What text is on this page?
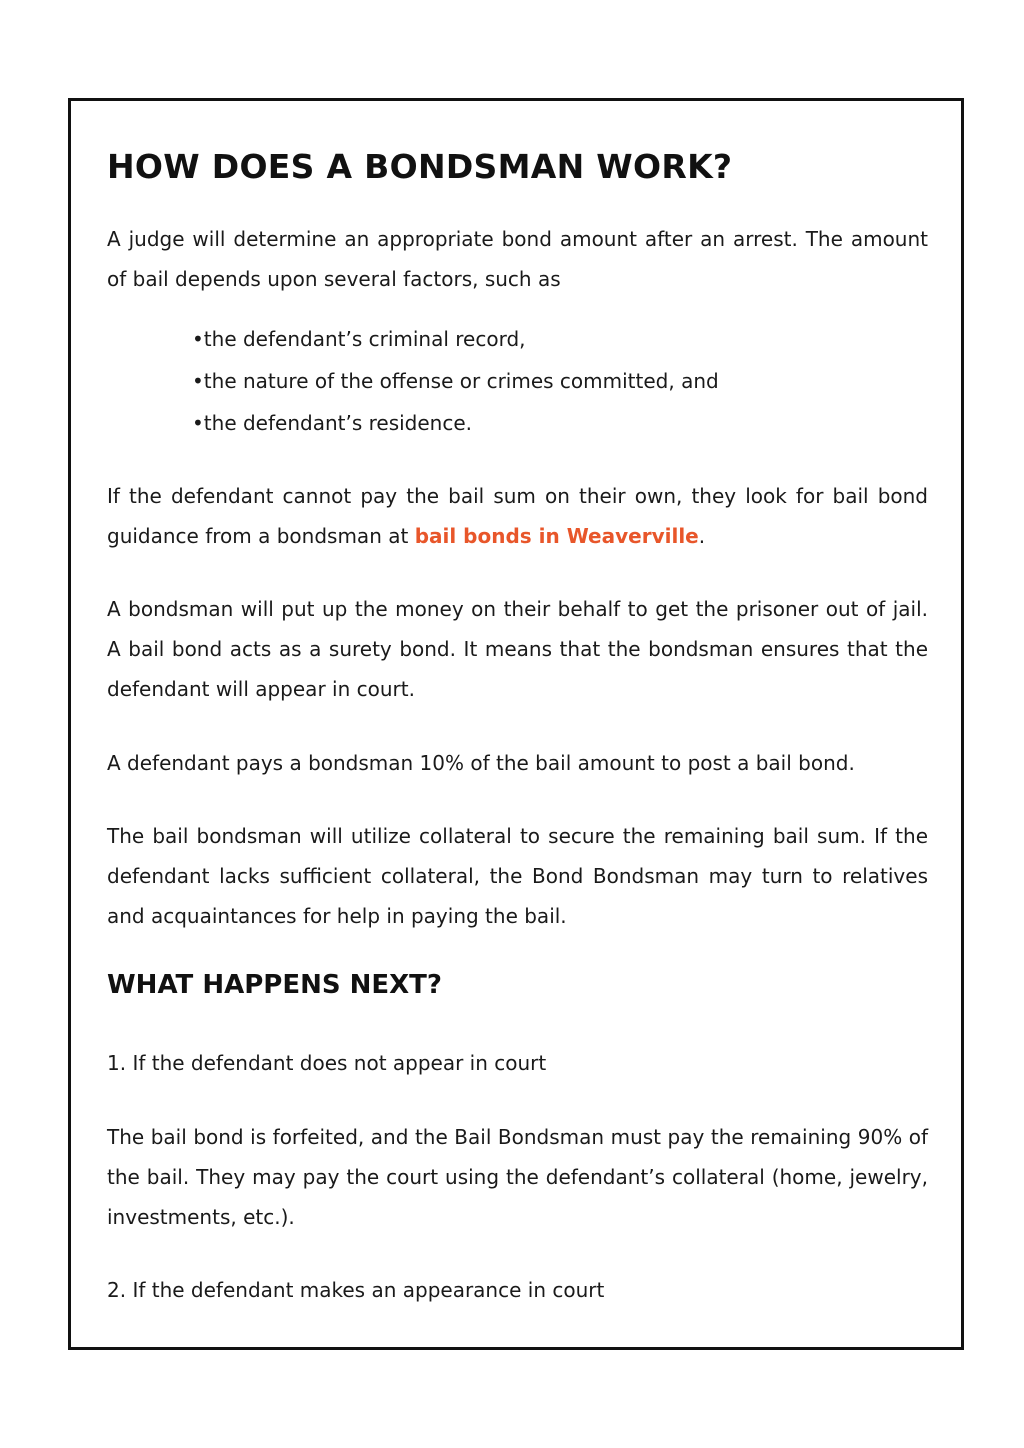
HOW DOES A BONDSMAN WORK?

A judge will determine an appropriate bond amount after an arrest. The amount of bail depends upon several factors, such as

•the defendant’s criminal record,
•the nature of the offense or crimes committed, and
•the defendant’s residence.

If the defendant cannot pay the bail sum on their own, they look for bail bond guidance from a bondsman at bail bonds in Weaverville.

A bondsman will put up the money on their behalf to get the prisoner out of jail. A bail bond acts as a surety bond. It means that the bondsman ensures that the defendant will appear in court.

A defendant pays a bondsman 10% of the bail amount to post a bail bond.

The bail bondsman will utilize collateral to secure the remaining bail sum. If the defendant lacks sufficient collateral, the Bond Bondsman may turn to relatives and acquaintances for help in paying the bail.

WHAT HAPPENS NEXT?

1. If the defendant does not appear in court

The bail bond is forfeited, and the Bail Bondsman must pay the remaining 90% of the bail. They may pay the court using the defendant’s collateral (home, jewelry, investments, etc.).

2. If the defendant makes an appearance in court
